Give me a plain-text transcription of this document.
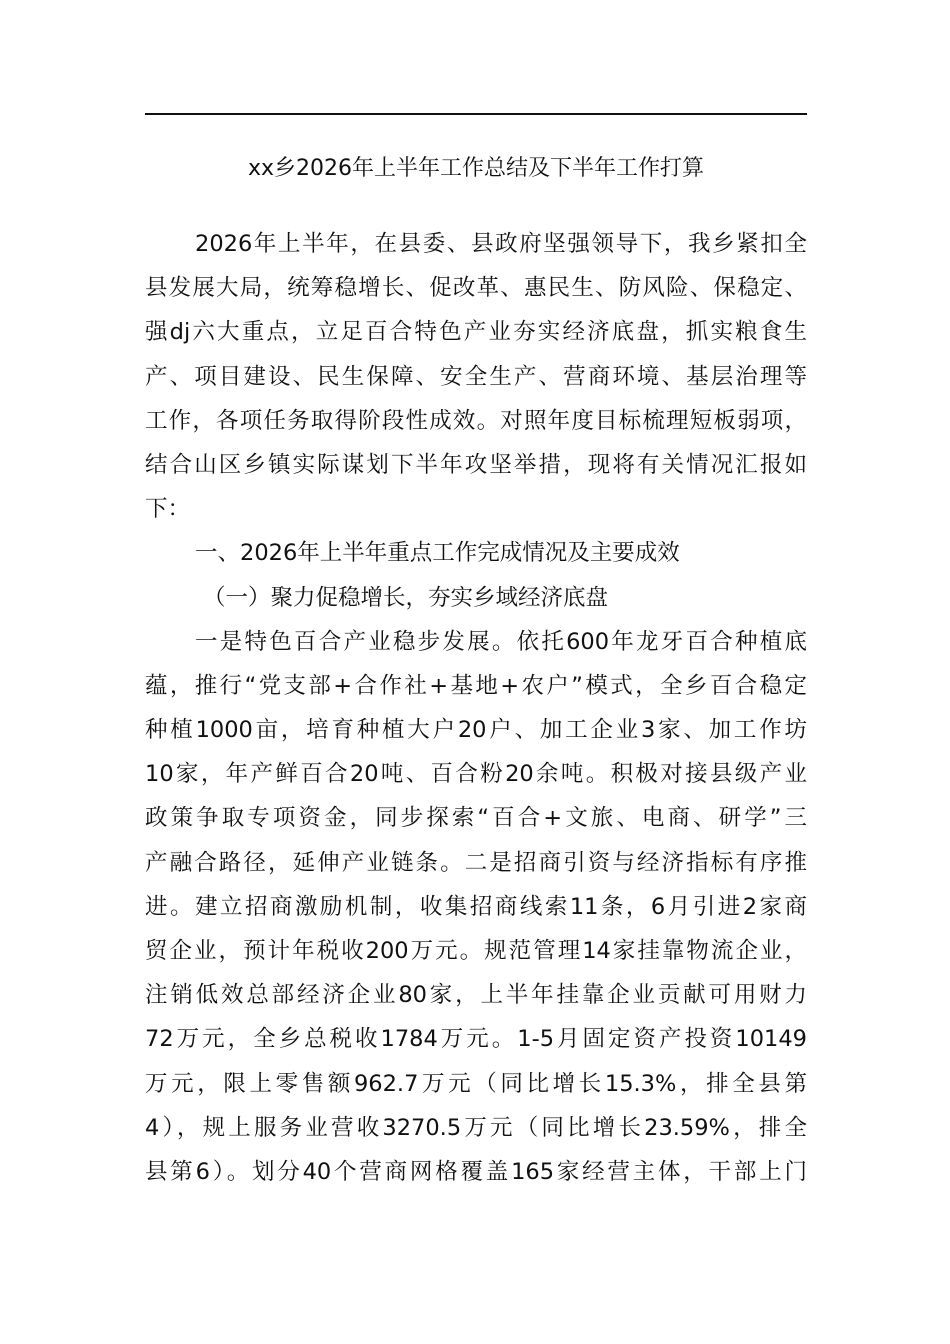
xx乡2026年上半年工作总结及下半年工作打算
2026年上半年，在县委、县政府坚强领导下，我乡紧扣全
县发展大局，统筹稳增长、促改革、惠民生、防风险、保稳定、
强dj六大重点，立足百合特色产业夯实经济底盘，抓实粮食生
产、项目建设、民生保障、安全生产、营商环境、基层治理等
工作，各项任务取得阶段性成效。对照年度目标梳理短板弱项，
结合山区乡镇实际谋划下半年攻坚举措，现将有关情况汇报如
下：
一、2026年上半年重点工作完成情况及主要成效
（一）聚力促稳增长，夯实乡域经济底盘
一是特色百合产业稳步发展。依托600年龙牙百合种植底
蕴，推行“党支部+合作社+基地+农户”模式，全乡百合稳定
种植1000亩，培育种植大户20户、加工企业3家、加工作坊
10家，年产鲜百合20吨、百合粉20余吨。积极对接县级产业
政策争取专项资金，同步探索“百合+文旅、电商、研学”三
产融合路径，延伸产业链条。二是招商引资与经济指标有序推
进。建立招商激励机制，收集招商线索11条，6月引进2家商
贸企业，预计年税收200万元。规范管理14家挂靠物流企业，
注销低效总部经济企业80家，上半年挂靠企业贡献可用财力
72万元，全乡总税收1784万元。1-5月固定资产投资10149
万元，限上零售额962.7万元（同比增长15.3%，排全县第
4），规上服务业营收3270.5万元（同比增长23.59%，排全
县第6）。划分40个营商网格覆盖165家经营主体，干部上门
